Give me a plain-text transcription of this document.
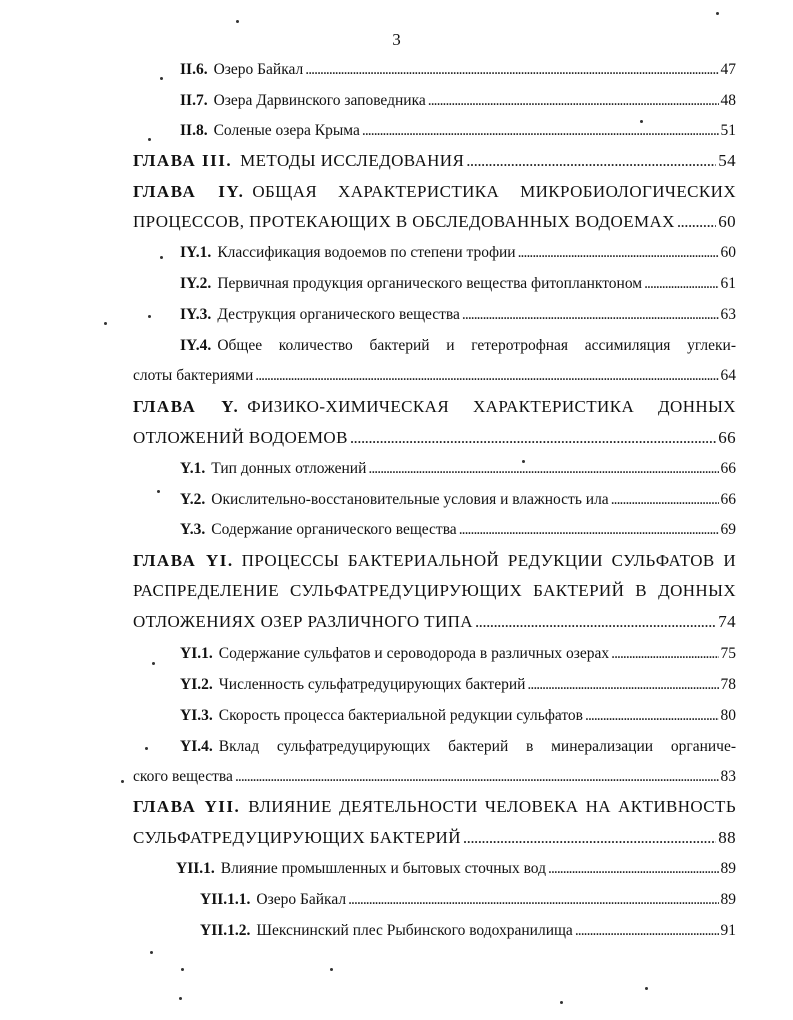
3
II.6. Озеро Байкал . . .	47
II.7. Озера Дарвинского заповедника . . .	48
II.8. Соленые озера Крыма . . .	51
ГЛАВА III. МЕТОДЫ ИССЛЕДОВАНИЯ . . .	54
ГЛАВА IY. ОБЩАЯ ХАРАКТЕРИСТИКА МИКРОБИОЛОГИЧЕСКИХ
ПРОЦЕССОВ, ПРОТЕКАЮЩИХ В ОБСЛЕДОВАННЫХ ВОДОЕМАХ . . .	60
IY.1. Классификация водоемов по степени трофии . . .	60
IY.2. Первичная продукция органического вещества фитопланктоном . . .	61
IY.3. Деструкция органического вещества . . .	63
IY.4. Общее количество бактерий и гетеротрофная ассимиляция углеки-
слоты бактериями . . .	64
ГЛАВА Y. ФИЗИКО-ХИМИЧЕСКАЯ ХАРАКТЕРИСТИКА ДОННЫХ
ОТЛОЖЕНИЙ ВОДОЕМОВ . . .	66
Y.1. Тип донных отложений . . .	66
Y.2. Окислительно-восстановительные условия и влажность ила . . .	66
Y.3. Содержание органического вещества . . .	69
ГЛАВА YI. ПРОЦЕССЫ БАКТЕРИАЛЬНОЙ РЕДУКЦИИ СУЛЬФАТОВ И
РАСПРЕДЕЛЕНИЕ СУЛЬФАТРЕДУЦИРУЮЩИХ БАКТЕРИЙ В ДОННЫХ
ОТЛОЖЕНИЯХ ОЗЕР РАЗЛИЧНОГО ТИПА . . .	74
YI.1. Содержание сульфатов и сероводорода в различных озерах . . .	75
YI.2. Численность сульфатредуцирующих бактерий . . .	78
YI.3. Скорость процесса бактериальной редукции сульфатов . . .	80
YI.4. Вклад сульфатредуцирующих бактерий в минерализации органиче-
ского вещества . . .	83
ГЛАВА YII. ВЛИЯНИЕ ДЕЯТЕЛЬНОСТИ ЧЕЛОВЕКА НА АКТИВНОСТЬ
СУЛЬФАТРЕДУЦИРУЮЩИХ БАКТЕРИЙ . . .	88
YII.1. Влияние промышленных и бытовых сточных вод . . .	89
YII.1.1. Озеро Байкал . . .	89
YII.1.2. Шекснинский плес Рыбинского водохранилища . . .	91
